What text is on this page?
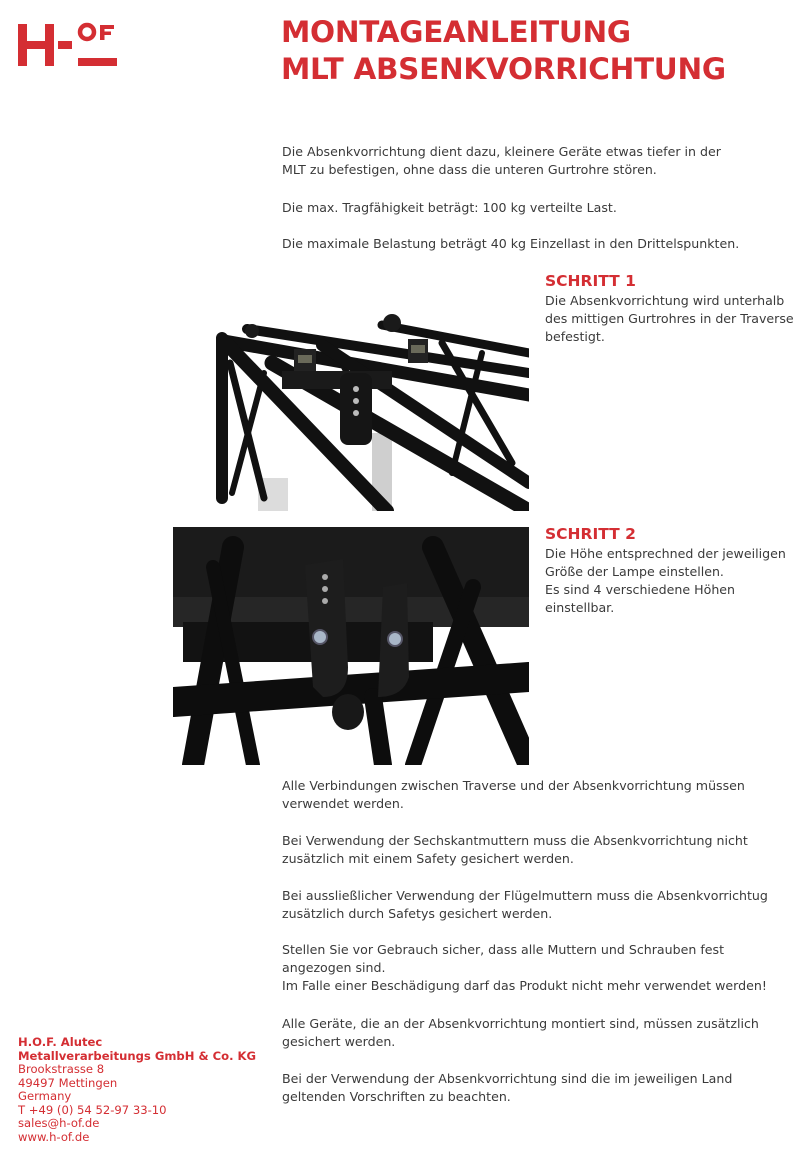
MONTAGEANLEITUNG
MLT ABSENKVORRICHTUNG

Die Absenkvorrichtung dient dazu, kleinere Geräte etwas tiefer in der MLT zu befestigen, ohne dass die unteren Gurtrohre stören.

Die max. Tragfähigkeit beträgt: 100 kg verteilte Last.

Die maximale Belastung beträgt 40 kg Einzellast in den Drittelspunkten.

SCHRITT 1

Die Absenkvorrichtung wird unterhalb
des mittigen Gurtrohres in der Traverse
befestigt.

SCHRITT 2

Die Höhe entsprechned der jeweiligen
Größe der Lampe einstellen.
Es sind 4 verschiedene Höhen einstellbar.

Alle Verbindungen zwischen Traverse und der Absenkvorrichtung müssen verwendet werden.

Bei Verwendung der Sechskantmuttern muss die Absenkvorrichtung nicht zusätzlich mit einem Safety gesichert werden.

Bei aussließlicher Verwendung der Flügelmuttern muss die Absenkvorrichtug zusätzlich durch Safetys gesichert werden.

Stellen Sie vor Gebrauch sicher, dass alle Muttern und Schrauben fest angezogen sind.

Im Falle einer Beschädigung darf das Produkt nicht mehr verwendet werden!

Alle Geräte, die an der Absenkvorrichtung montiert sind, müssen zusätzlich gesichert werden.

Bei der Verwendung der Absenkvorrichtung sind die im jeweiligen Land geltenden Vorschriften zu beachten.

H.O.F. Alutec
Metallverarbeitungs GmbH & Co. KG
Brookstrasse 8
49497 Mettingen
Germany
T +49 (0) 54 52-97 33-10
sales@h-of.de
www.h-of.de
